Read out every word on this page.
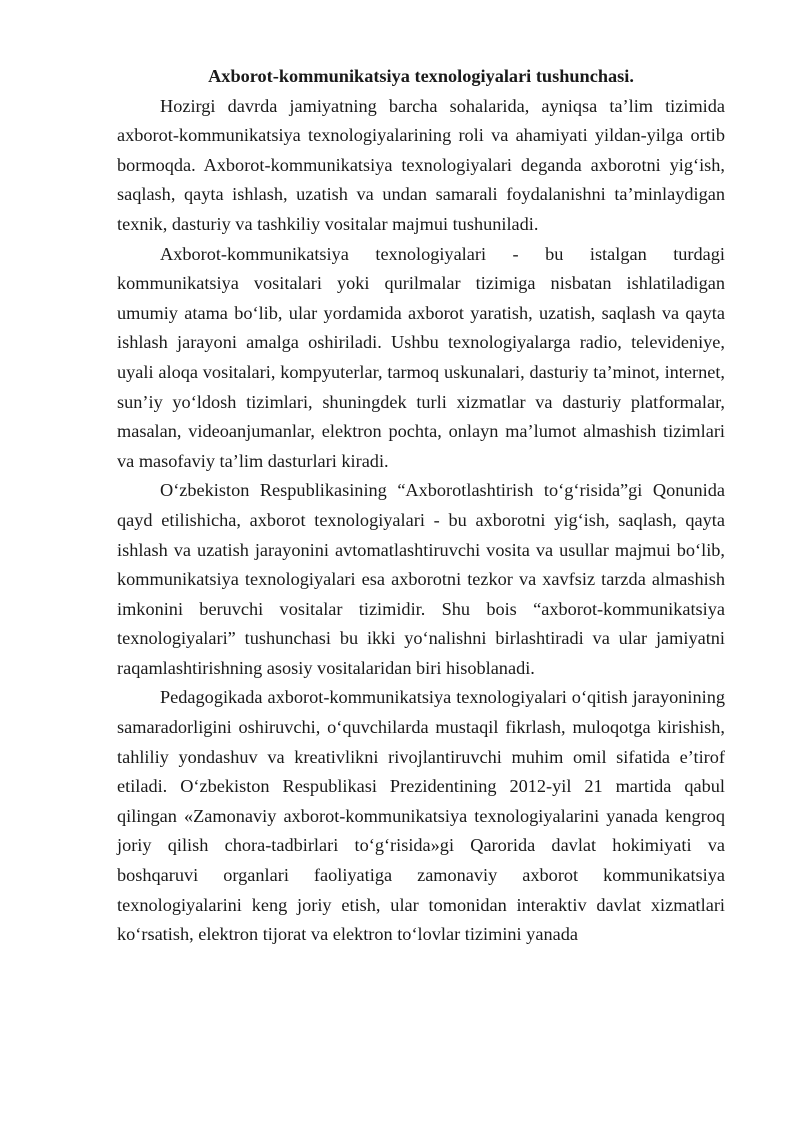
Axborot-kommunikatsiya texnologiyalari tushunchasi.

Hozirgi davrda jamiyatning barcha sohalarida, ayniqsa ta’lim tizimida axborot-kommunikatsiya texnologiyalarining roli va ahamiyati yildan-yilga ortib bormoqda. Axborot-kommunikatsiya texnologiyalari deganda axborotni yig‘ish, saqlash, qayta ishlash, uzatish va undan samarali foydalanishni ta’minlaydigan texnik, dasturiy va tashkiliy vositalar majmui tushuniladi.

Axborot-kommunikatsiya texnologiyalari - bu istalgan turdagi kommunikatsiya vositalari yoki qurilmalar tizimiga nisbatan ishlatiladigan umumiy atama bo‘lib, ular yordamida axborot yaratish, uzatish, saqlash va qayta ishlash jarayoni amalga oshiriladi. Ushbu texnologiyalarga radio, televideniye, uyali aloqa vositalari, kompyuterlar, tarmoq uskunalari, dasturiy ta’minot, internet, sun’iy yo‘ldosh tizimlari, shuningdek turli xizmatlar va dasturiy platformalar, masalan, videoanjumanlar, elektron pochta, onlayn ma’lumot almashish tizimlari va masofaviy ta’lim dasturlari kiradi.

O‘zbekiston Respublikasining “Axborotlashtirish to‘g‘risida”gi Qonunida qayd etilishicha, axborot texnologiyalari - bu axborotni yig‘ish, saqlash, qayta ishlash va uzatish jarayonini avtomatlashtiruvchi vosita va usullar majmui bo‘lib, kommunikatsiya texnologiyalari esa axborotni tezkor va xavfsiz tarzda almashish imkonini beruvchi vositalar tizimidir. Shu bois “axborot-kommunikatsiya texnologiyalari” tushunchasi bu ikki yo‘nalishni birlashtiradi va ular jamiyatni raqamlashtirishning asosiy vositalaridan biri hisoblanadi.

Pedagogikada axborot-kommunikatsiya texnologiyalari o‘qitish jarayonining samaradorligini oshiruvchi, o‘quvchilarda mustaqil fikrlash, muloqotga kirishish, tahliliy yondashuv va kreativlikni rivojlantiruvchi muhim omil sifatida e’tirof etiladi. O‘zbekiston Respublikasi Prezidentining 2012-yil 21 martida qabul qilingan «Zamonaviy axborot-kommunikatsiya texnologiyalarini yanada kengroq joriy qilish chora-tadbirlari to‘g‘risida»gi Qarorida davlat hokimiyati va boshqaruvi organlari faoliyatiga zamonaviy axborot kommunikatsiya texnologiyalarini keng joriy etish, ular tomonidan interaktiv davlat xizmatlari ko‘rsatish, elektron tijorat va elektron to‘lovlar tizimini yanada
